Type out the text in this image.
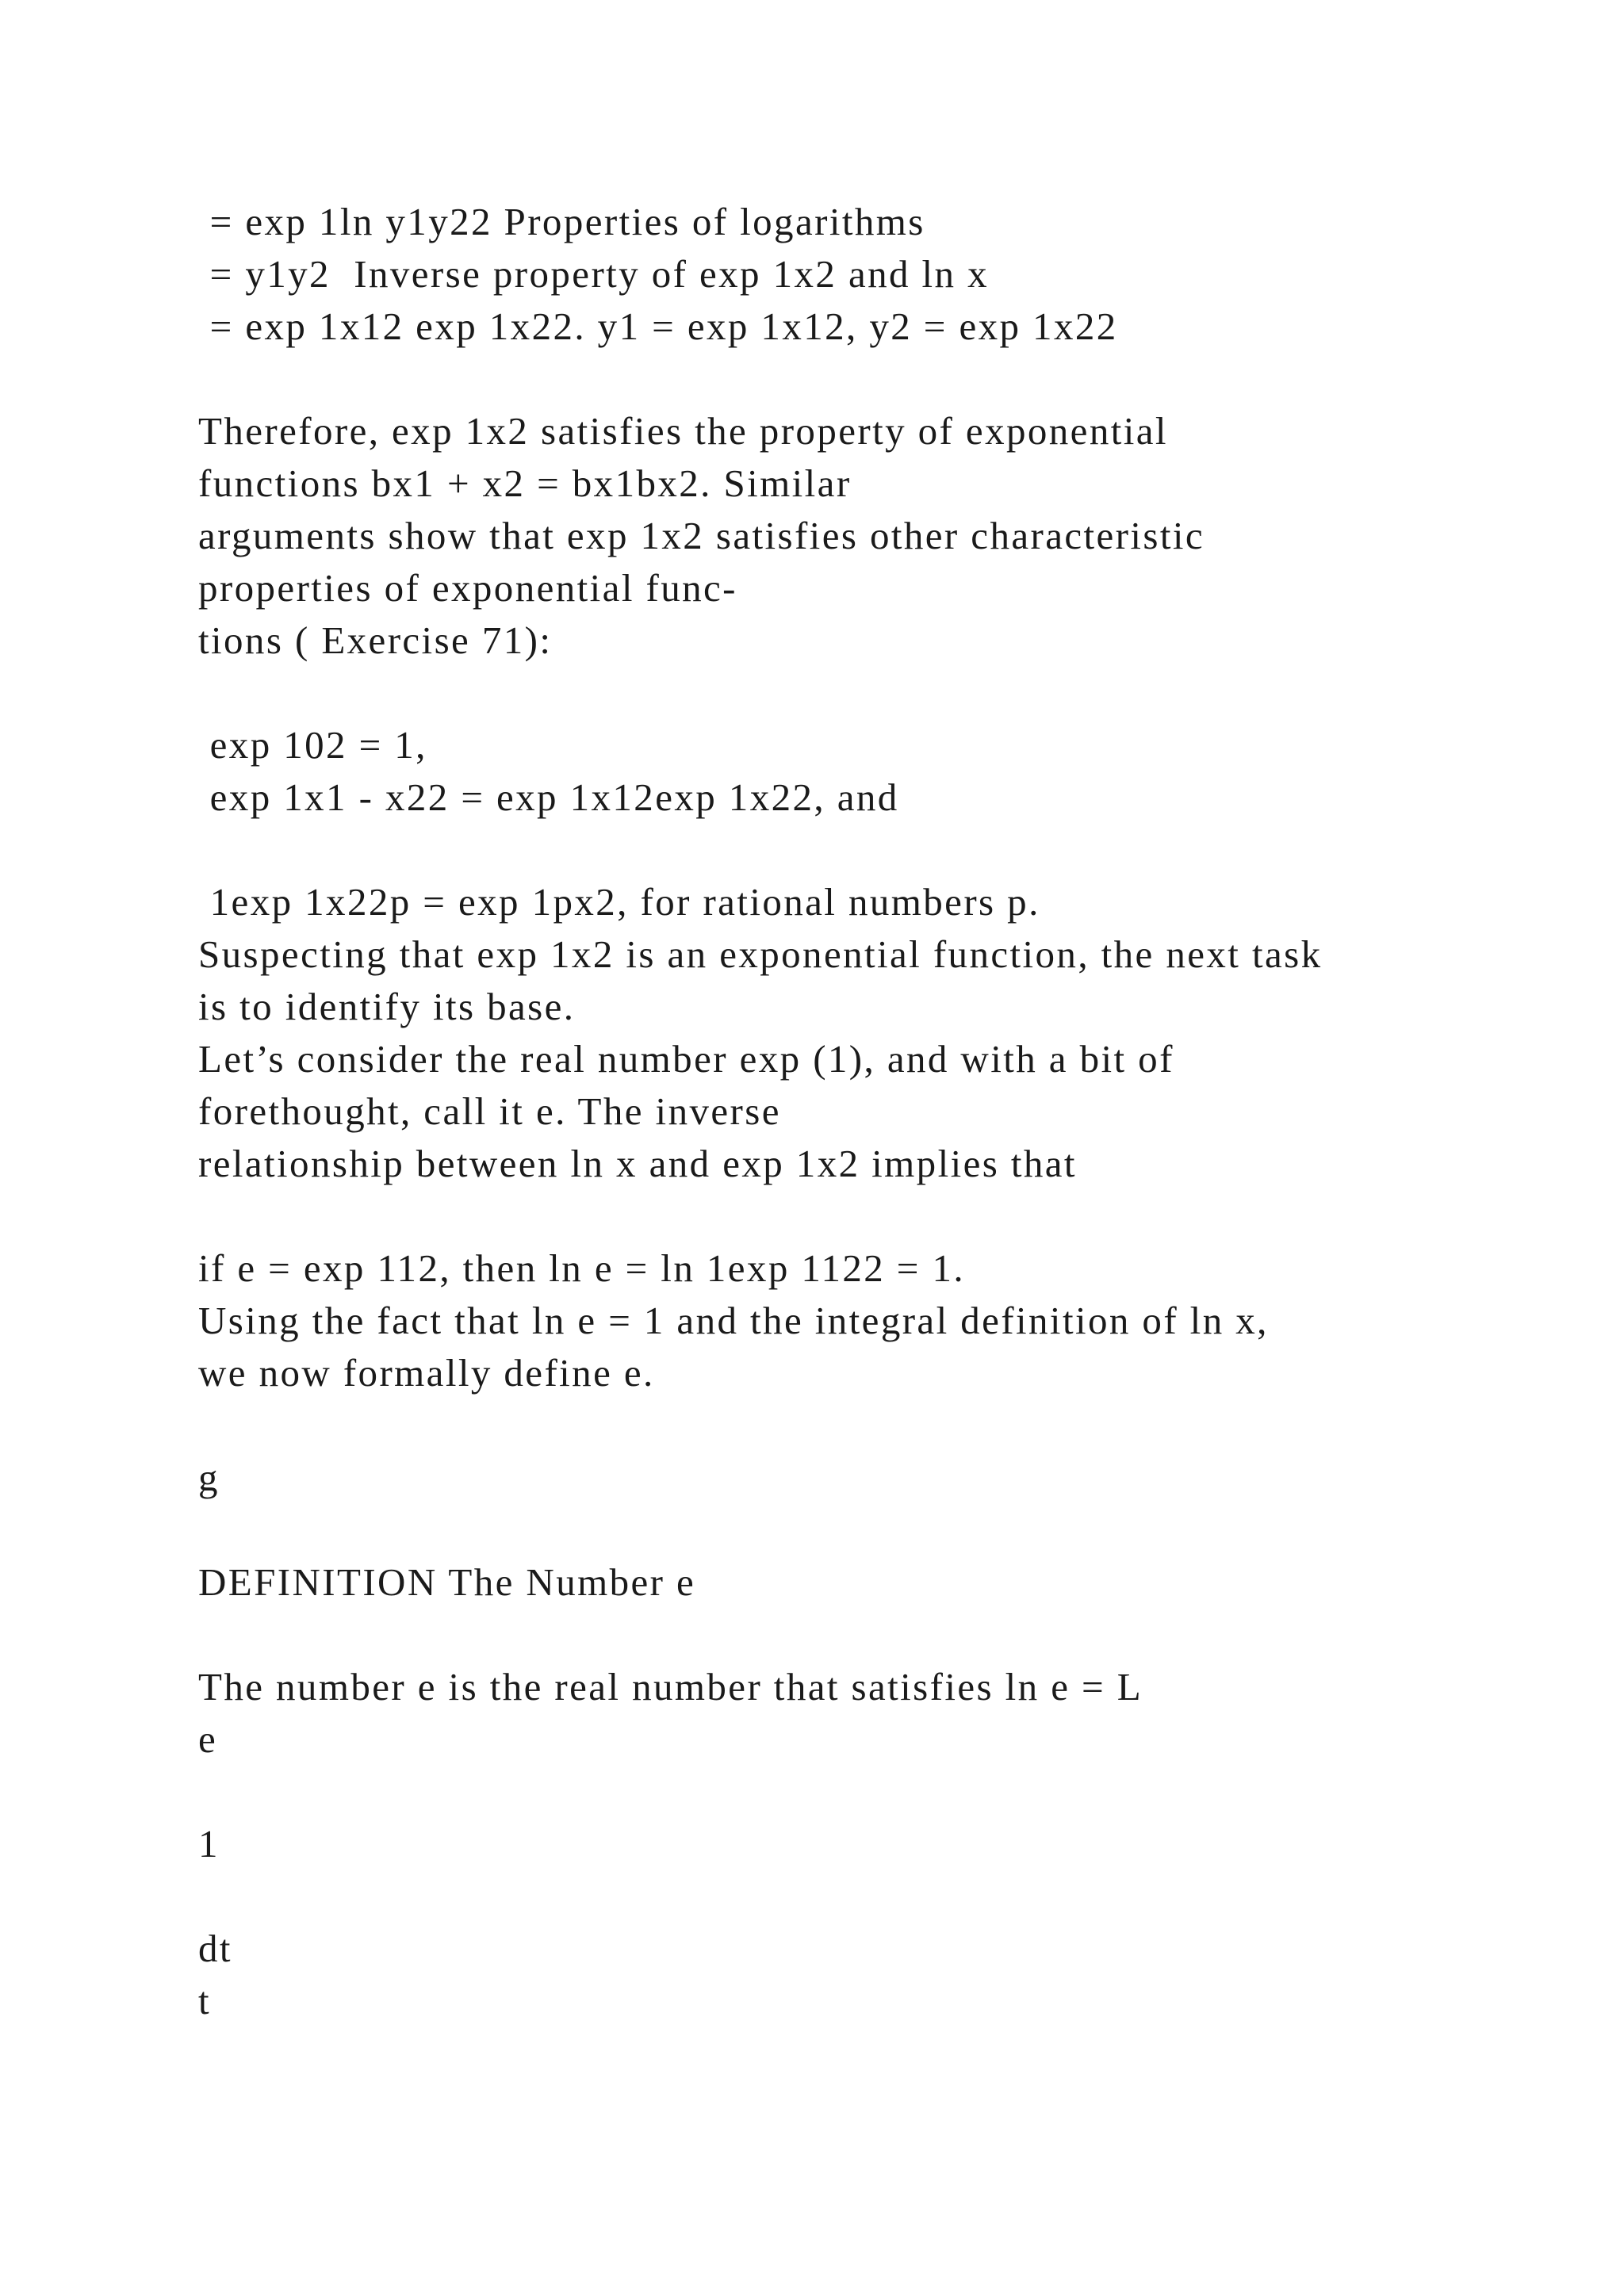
= exp 1ln y1y22 Properties of logarithms
= y1y2  Inverse property of exp 1x2 and ln x
= exp 1x12 exp 1x22. y1 = exp 1x12, y2 = exp 1x22
Therefore, exp 1x2 satisfies the property of exponential
functions bx1 + x2 = bx1bx2. Similar
arguments show that exp 1x2 satisfies other characteristic
properties of exponential func-
tions ( Exercise 71):
exp 102 = 1,
exp 1x1 - x22 = exp 1x12exp 1x22, and
1exp 1x22p = exp 1px2, for rational numbers p.
Suspecting that exp 1x2 is an exponential function, the next task
is to identify its base.
Let’s consider the real number exp (1), and with a bit of
forethought, call it e. The inverse
relationship between ln x and exp 1x2 implies that
if e = exp 112, then ln e = ln 1exp 1122 = 1.
Using the fact that ln e = 1 and the integral definition of ln x,
we now formally define e.
g
DEFINITION The Number e
The number e is the real number that satisfies ln e = L
e
1
dt
t
